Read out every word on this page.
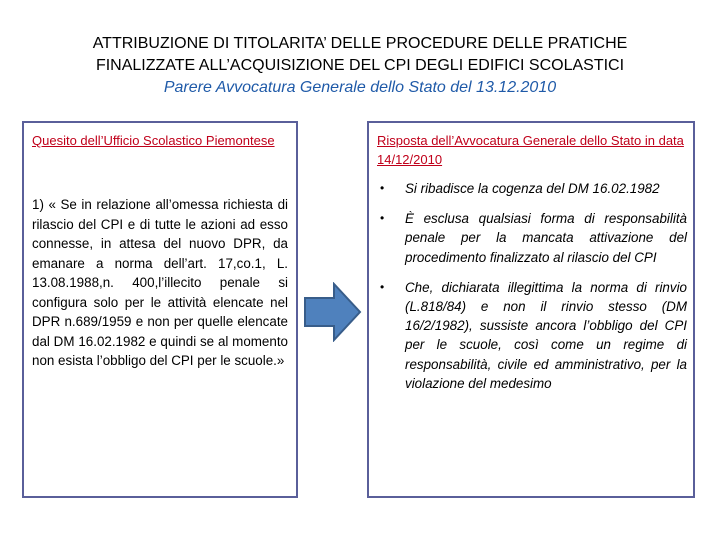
ATTRIBUZIONE DI TITOLARITA’ DELLE PROCEDURE DELLE PRATICHE
FINALIZZATE ALL’ACQUISIZIONE DEL CPI DEGLI EDIFICI SCOLASTICI
Parere Avvocatura Generale dello Stato del 13.12.2010
Quesito dell’Ufficio Scolastico Piemontese
1) « Se in relazione all’omessa richiesta di rilascio del CPI e di tutte le azioni ad esso connesse, in attesa del nuovo DPR, da emanare a norma dell’art. 17,co.1, L. 13.08.1988,n. 400,l’illecito penale si configura solo per le attività elencate nel DPR n.689/1959 e non per quelle elencate dal DM 16.02.1982 e quindi se al momento non esista l’obbligo del CPI per le scuole.»
Risposta dell’Avvocatura Generale dello Stato in data 14/12/2010
• Si ribadisce la cogenza del DM 16.02.1982
• È esclusa qualsiasi forma di responsabilità penale per la mancata attivazione del procedimento finalizzato al rilascio del CPI
• Che, dichiarata illegittima la norma di rinvio (L.818/84) e non il rinvio stesso (DM 16/2/1982), sussiste ancora l’obbligo del CPI per le scuole, così come un regime di responsabilità, civile ed amministrativo, per la violazione del medesimo
